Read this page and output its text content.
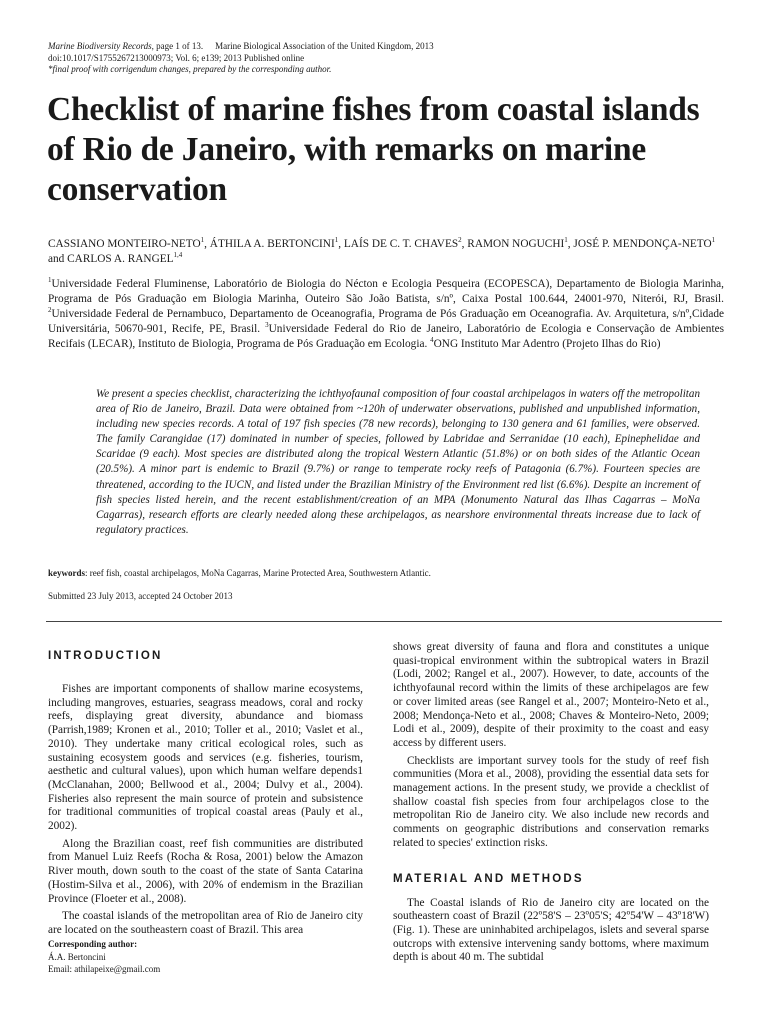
Marine Biodiversity Records, page 1 of 13. Marine Biological Association of the United Kingdom, 2013
doi:10.1017/S1755267213000973; Vol. 6; e139; 2013 Published online
*final proof with corrigendum changes, prepared by the corresponding author.
Checklist of marine fishes from coastal islands of Rio de Janeiro, with remarks on marine conservation
CASSIANO MONTEIRO-NETO$^1$, ÁTHILA A. BERTONCINI$^1$, LAÍS DE C. T. CHAVES$^2$, RAMON NOGUCHI$^1$, JOSÉ P. MENDONÇA-NETO$^1$ and CARLOS A. RANGEL$^{1,4}$
$^1$Universidade Federal Fluminense, Laboratório de Biologia do Nécton e Ecologia Pesqueira (ECOPESCA), Departamento de Biologia Marinha, Programa de Pós Graduação em Biologia Marinha, Outeiro São João Batista, s/nº, Caixa Postal 100.644, 24001-970, Niterói, RJ, Brasil. $^2$Universidade Federal de Pernambuco, Departamento de Oceanografia, Programa de Pós Graduação em Oceanografia. Av. Arquitetura, s/nº,Cidade Universitária, 50670-901, Recife, PE, Brasil. $^3$Universidade Federal do Rio de Janeiro, Laboratório de Ecologia e Conservação de Ambientes Recifais (LECAR), Instituto de Biologia, Programa de Pós Graduação em Ecologia. $^4$ONG Instituto Mar Adentro (Projeto Ilhas do Rio)
We present a species checklist, characterizing the ichthyofaunal composition of four coastal archipelagos in waters off the metropolitan area of Rio de Janeiro, Brazil. Data were obtained from ~120h of underwater observations, published and unpublished information, including new species records. A total of 197 fish species (78 new records), belonging to 130 genera and 61 families, were observed. The family Carangidae (17) dominated in number of species, followed by Labridae and Serranidae (10 each), Epinephelidae and Scaridae (9 each). Most species are distributed along the tropical Western Atlantic (51.8%) or on both sides of the Atlantic Ocean (20.5%). A minor part is endemic to Brazil (9.7%) or range to temperate rocky reefs of Patagonia (6.7%). Fourteen species are threatened, according to the IUCN, and listed under the Brazilian Ministry of the Environment red list (6.6%). Despite an increment of fish species listed herein, and the recent establishment/creation of an MPA (Monumento Natural das Ilhas Cagarras – MoNa Cagarras), research efforts are clearly needed along these archipelagos, as nearshore environmental threats increase due to lack of regulatory practices.
keywords: reef fish, coastal archipelagos, MoNa Cagarras, Marine Protected Area, Southwestern Atlantic.
Submitted 23 July 2013, accepted 24 October 2013
INTRODUCTION

Fishes are important components of shallow marine ecosystems, including mangroves, estuaries, seagrass meadows, coral and rocky reefs, displaying great diversity, abundance and biomass (Parrish,1989; Kronen et al., 2010; Toller et al., 2010; Vaslet et al., 2010). They undertake many critical ecological roles, such as sustaining ecosystem goods and services (e.g. fisheries, tourism, aesthetic and cultural values), upon which human welfare depends1 (McClanahan, 2000; Bellwood et al., 2004; Dulvy et al., 2004). Fisheries also represent the main source of protein and subsistence for traditional communities of tropical coastal areas (Pauly et al., 2002).

Along the Brazilian coast, reef fish communities are distributed from Manuel Luiz Reefs (Rocha & Rosa, 2001) below the Amazon River mouth, down south to the coast of the state of Santa Catarina (Hostim-Silva et al., 2006), with 20% of endemism in the Brazilian Province (Floeter et al., 2008).

The coastal islands of the metropolitan area of Rio de Janeiro city are located on the southeastern coast of Brazil. This area

shows great diversity of fauna and flora and constitutes a unique quasi-tropical environment within the subtropical waters in Brazil (Lodi, 2002; Rangel et al., 2007). However, to date, accounts of the ichthyofaunal record within the limits of these archipelagos are few or cover limited areas (see Rangel et al., 2007; Monteiro-Neto et al., 2008; Mendonça-Neto et al., 2008; Chaves & Monteiro-Neto, 2009; Lodi et al., 2009), despite of their proximity to the coast and easy access by different users.

Checklists are important survey tools for the study of reef fish communities (Mora et al., 2008), providing the essential data sets for management actions. In the present study, we provide a checklist of shallow coastal fish species from four archipelagos close to the metropolitan Rio de Janeiro city. We also include new records and comments on geographic distributions and conservation remarks related to species' extinction risks.

MATERIAL AND METHODS

The Coastal islands of Rio de Janeiro city are located on the southeastern coast of Brazil (22º58'S – 23º05'S; 42º54'W – 43º18'W) (Fig. 1). These are uninhabited archipelagos, islets and several sparse outcrops with extensive intervening sandy bottoms, where maximum depth is about 40 m. The subtidal

Corresponding author:
Á.A. Bertoncini
Email: athilapeixe@gmail.com
